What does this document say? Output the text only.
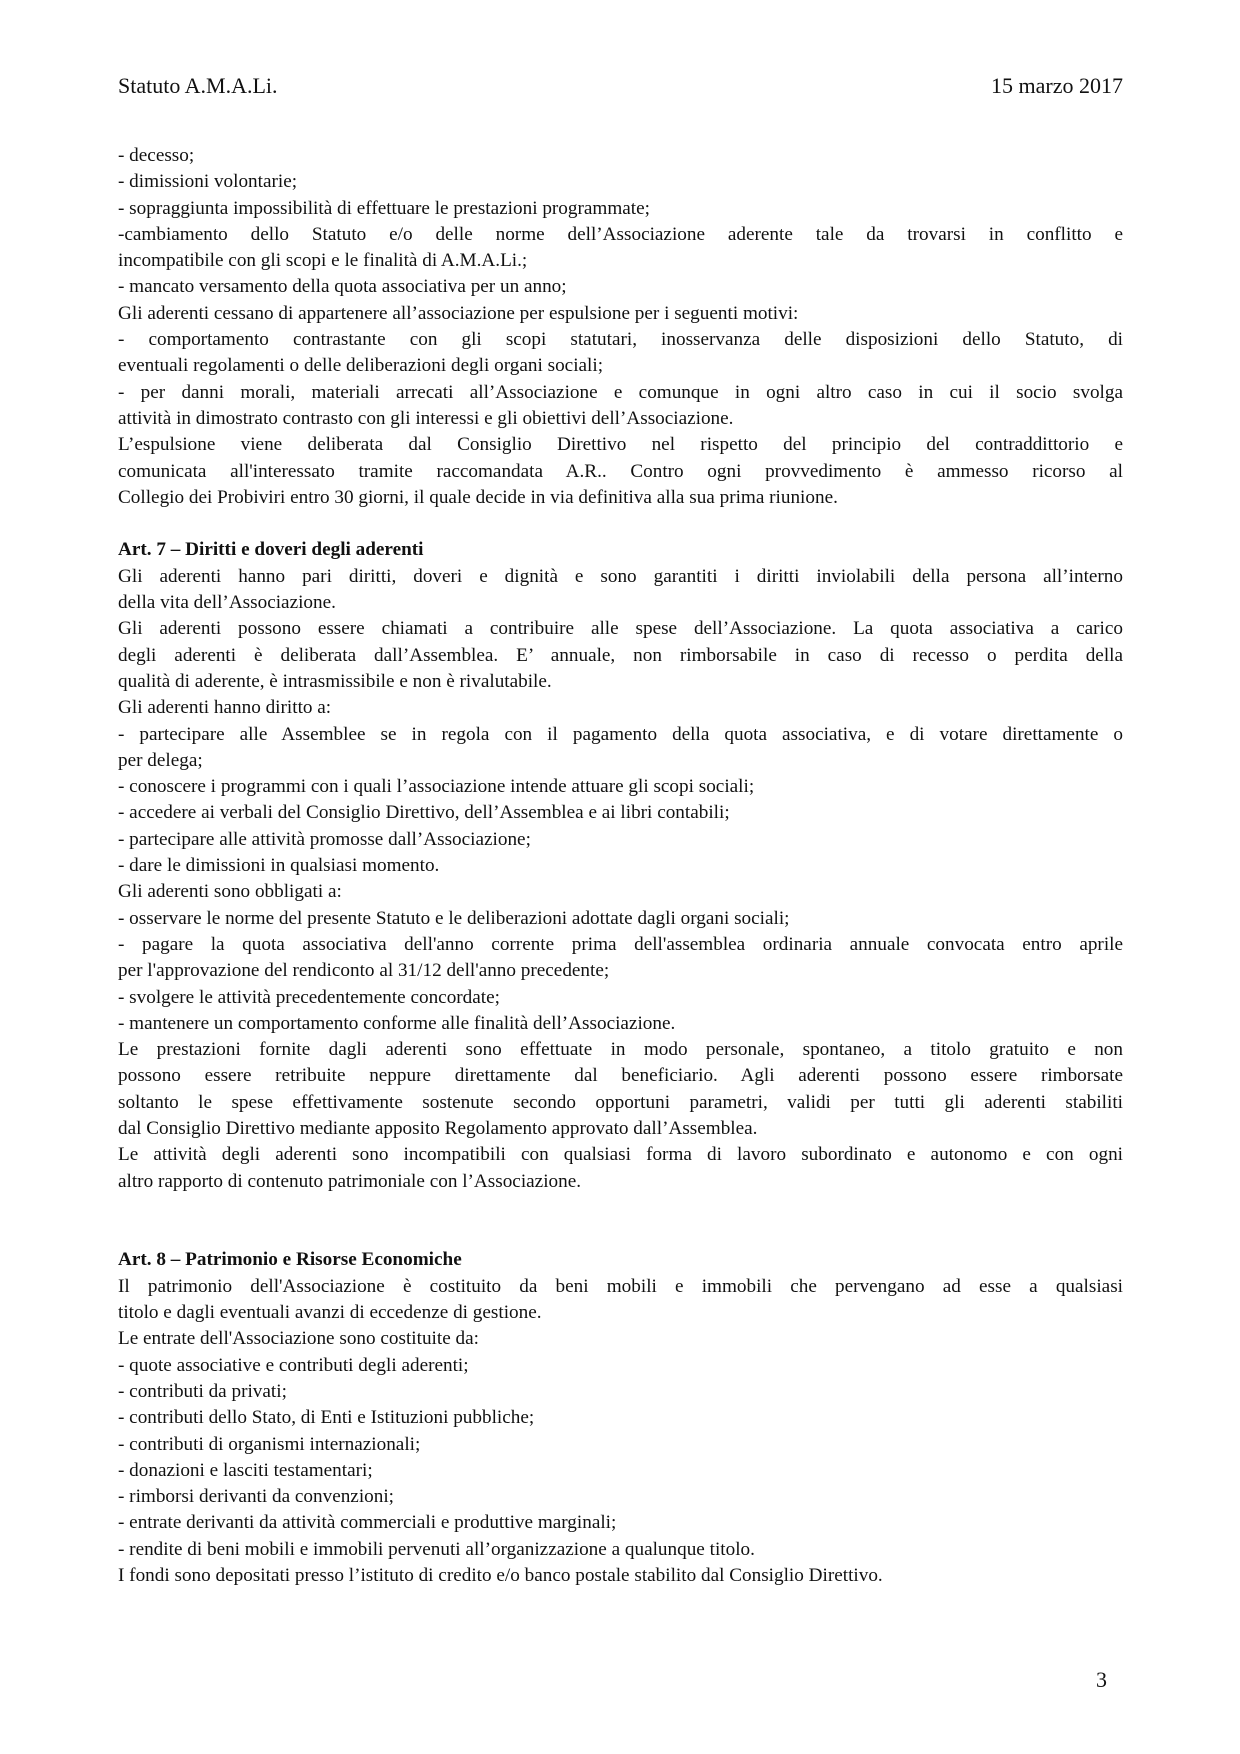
Statuto A.M.A.Li.	15 marzo 2017
- decesso;
- dimissioni volontarie;
- sopraggiunta impossibilità di effettuare le prestazioni programmate;
-cambiamento dello Statuto e/o delle norme dell’Associazione aderente tale da trovarsi in conflitto e
incompatibile con gli scopi e le finalità di A.M.A.Li.;
- mancato versamento della quota associativa per un anno;
Gli aderenti cessano di appartenere all’associazione per espulsione per i seguenti motivi:
- comportamento contrastante con gli scopi statutari, inosservanza delle disposizioni dello Statuto, di
eventuali regolamenti o delle deliberazioni degli organi sociali;
- per danni morali, materiali arrecati all’Associazione e comunque in ogni altro caso in cui il socio svolga
attività in dimostrato contrasto con gli interessi e gli obiettivi dell’Associazione.
L’espulsione viene deliberata dal Consiglio Direttivo nel rispetto del principio del contraddittorio e
comunicata all'interessato tramite raccomandata A.R.. Contro ogni provvedimento è ammesso ricorso al
Collegio dei Probiviri entro 30 giorni, il quale decide in via definitiva alla sua prima riunione.
Art. 7 – Diritti e doveri degli aderenti
Gli aderenti hanno pari diritti, doveri e dignità e sono garantiti i diritti inviolabili della persona all’interno
della vita dell’Associazione.
Gli aderenti possono essere chiamati a contribuire alle spese dell’Associazione. La quota associativa a carico
degli aderenti è deliberata dall’Assemblea. E’ annuale, non rimborsabile in caso di recesso o perdita della
qualità di aderente, è intrasmissibile e non è rivalutabile.
Gli aderenti hanno diritto a:
- partecipare alle Assemblee se in regola con il pagamento della quota associativa, e di votare direttamente o
per delega;
- conoscere i programmi con i quali l’associazione intende attuare gli scopi sociali;
- accedere ai verbali del Consiglio Direttivo, dell’Assemblea e ai libri contabili;
- partecipare alle attività promosse dall’Associazione;
- dare le dimissioni in qualsiasi momento.
Gli aderenti sono obbligati a:
- osservare le norme del presente Statuto e le deliberazioni adottate dagli organi sociali;
- pagare la quota associativa dell'anno corrente prima dell'assemblea ordinaria annuale convocata entro aprile
per l'approvazione del rendiconto al 31/12 dell'anno precedente;
- svolgere le attività precedentemente concordate;
- mantenere un comportamento conforme alle finalità dell’Associazione.
Le prestazioni fornite dagli aderenti sono effettuate in modo personale, spontaneo, a titolo gratuito e non
possono essere retribuite neppure direttamente dal beneficiario. Agli aderenti possono essere rimborsate
soltanto le spese effettivamente sostenute secondo opportuni parametri, validi per tutti gli aderenti stabiliti
dal Consiglio Direttivo mediante apposito Regolamento approvato dall’Assemblea.
Le attività degli aderenti sono incompatibili con qualsiasi forma di lavoro subordinato e autonomo e con ogni
altro rapporto di contenuto patrimoniale con l’Associazione.
Art. 8 – Patrimonio e Risorse Economiche
Il patrimonio dell'Associazione è costituito da beni mobili e immobili che pervengano ad esse a qualsiasi
titolo e dagli eventuali avanzi di eccedenze di gestione.
Le entrate dell'Associazione sono costituite da:
- quote associative e contributi degli aderenti;
- contributi da privati;
- contributi dello Stato, di Enti e Istituzioni pubbliche;
- contributi di organismi internazionali;
- donazioni e lasciti testamentari;
- rimborsi derivanti da convenzioni;
- entrate derivanti da attività commerciali e produttive marginali;
- rendite di beni mobili e immobili pervenuti all’organizzazione a qualunque titolo.
I fondi sono depositati presso l’istituto di credito e/o banco postale stabilito dal Consiglio Direttivo.
3
